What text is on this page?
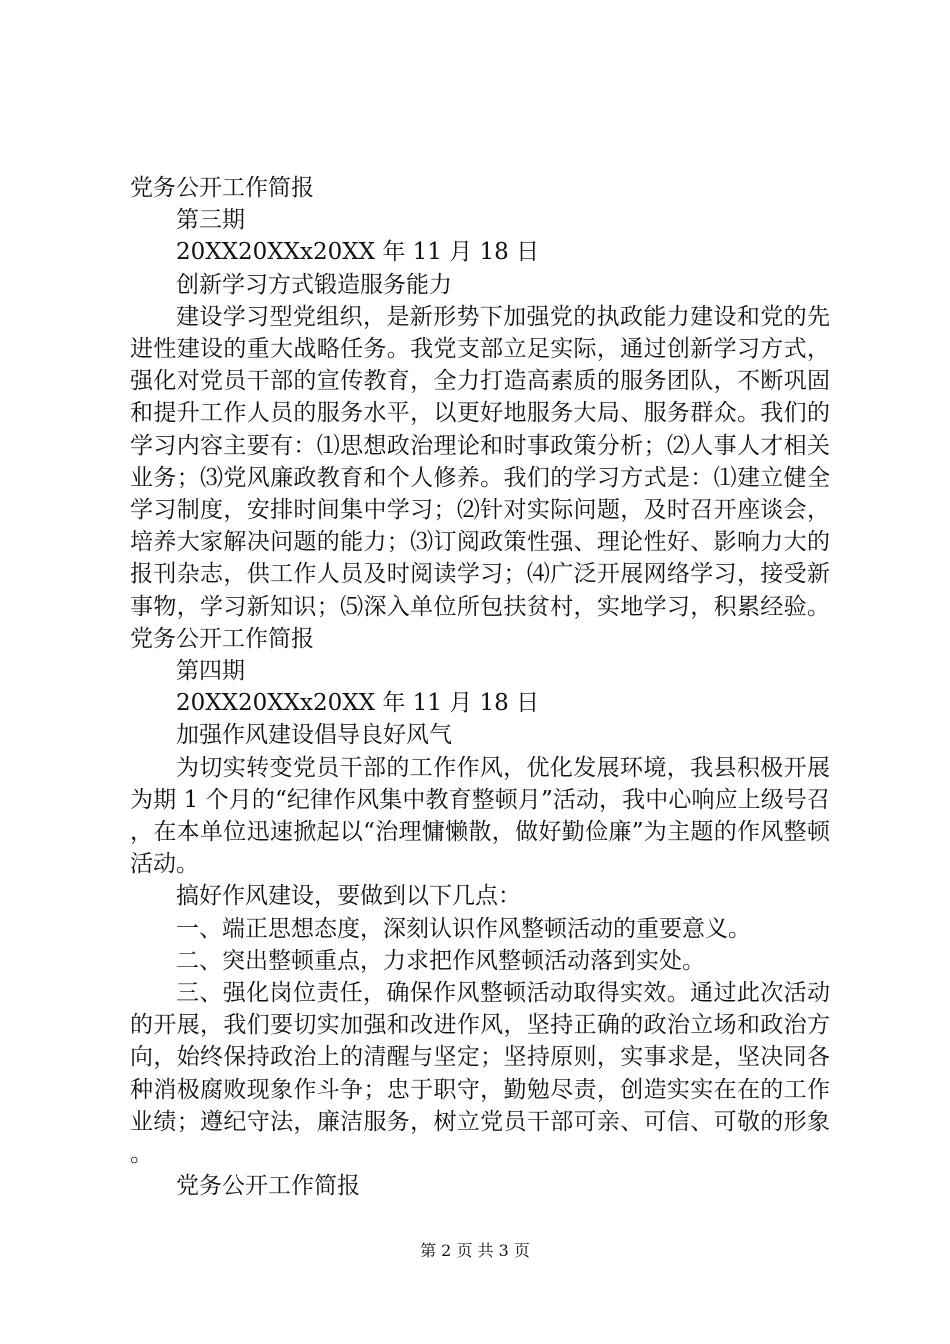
党务公开工作简报
第三期
20XX20XXx20XX 年 11 月 18 日
创新学习方式锻造服务能力
建设学习型党组织，是新形势下加强党的执政能力建设和党的先进性建设的重大战略任务。我党支部立足实际，通过创新学习方式，强化对党员干部的宣传教育，全力打造高素质的服务团队，不断巩固和提升工作人员的服务水平，以更好地服务大局、服务群众。我们的学习内容主要有：⑴思想政治理论和时事政策分析；⑵人事人才相关业务；⑶党风廉政教育和个人修养。我们的学习方式是：⑴建立健全学习制度，安排时间集中学习；⑵针对实际问题，及时召开座谈会，培养大家解决问题的能力；⑶订阅政策性强、理论性好、影响力大的报刊杂志，供工作人员及时阅读学习；⑷广泛开展网络学习，接受新事物，学习新知识；⑸深入单位所包扶贫村，实地学习，积累经验。党务公开工作简报
第四期
20XX20XXx20XX 年 11 月 18 日
加强作风建设倡导良好风气
为切实转变党员干部的工作作风，优化发展环境，我县积极开展为期 1 个月的“纪律作风集中教育整顿月”活动，我中心响应上级号召，在本单位迅速掀起以“治理慵懒散，做好勤俭廉”为主题的作风整顿活动。
搞好作风建设，要做到以下几点：
一、端正思想态度，深刻认识作风整顿活动的重要意义。
二、突出整顿重点，力求把作风整顿活动落到实处。
三、强化岗位责任，确保作风整顿活动取得实效。通过此次活动的开展，我们要切实加强和改进作风，坚持正确的政治立场和政治方向，始终保持政治上的清醒与坚定；坚持原则，实事求是，坚决同各种消极腐败现象作斗争；忠于职守，勤勉尽责，创造实实在在的工作业绩；遵纪守法，廉洁服务，树立党员干部可亲、可信、可敬的形象。
党务公开工作简报
第 2 页 共 3 页
